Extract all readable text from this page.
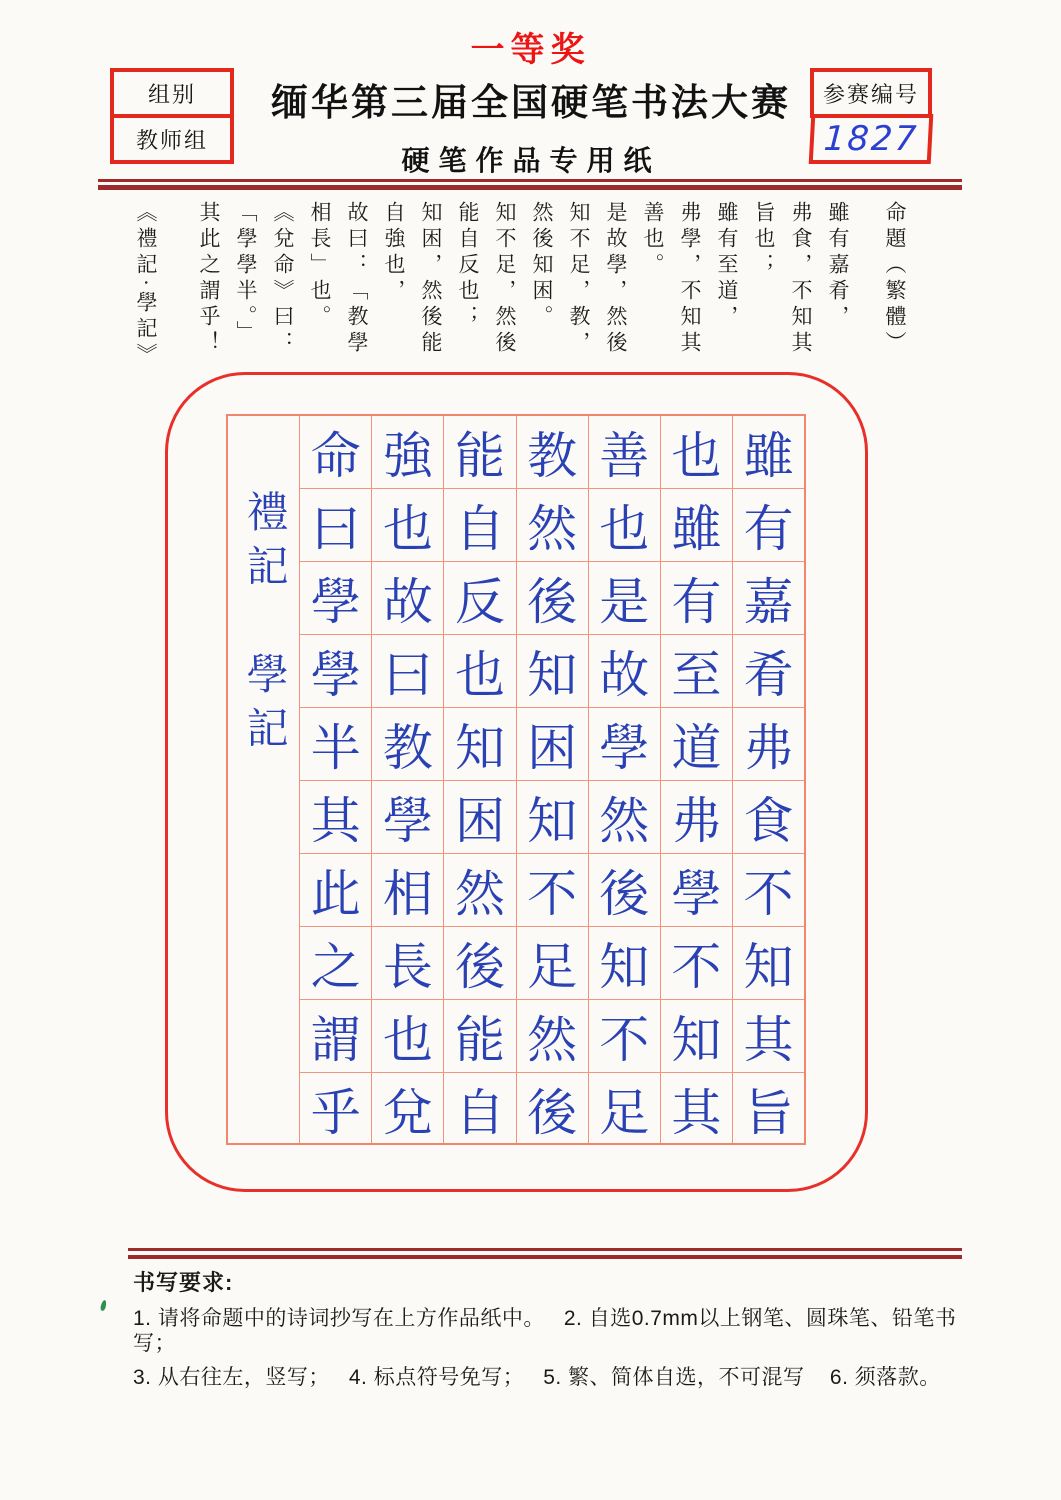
一等奖
组别
教师组
缅华第三届全国硬笔书法大赛
硬笔作品专用纸
参赛编号
1827
命題（繁體）
雖有嘉肴，
弗食，不知其
旨也；
雖有至道，
弗學，不知其
善也。
是故學，然後
知不足，教，
然後知困。
知不足，然後
能自反也；
知困，然後能
自強也，
故曰：「教學
相長」也。
《兌命》曰：
「學學半。」
其此之謂乎！
《禮記·學記》
雖
有
嘉
肴
弗
食
不
知
其
旨
也
雖
有
至
道
弗
學
不
知
其
善
也
是
故
學
然
後
知
不
足
教
然
後
知
困
知
不
足
然
後
能
自
反
也
知
困
然
後
能
自
強
也
故
曰
教
學
相
長
也
兌
命
曰
學
學
半
其
此
之
謂
乎
禮記　學記
书写要求:
1. 请将命题中的诗词抄写在上方作品纸中。   2. 自选0.7mm以上钢笔、圆珠笔、铅笔书写；
3. 从右往左，竖写；   4. 标点符号免写；   5. 繁、简体自选，不可混写    6. 须落款。
